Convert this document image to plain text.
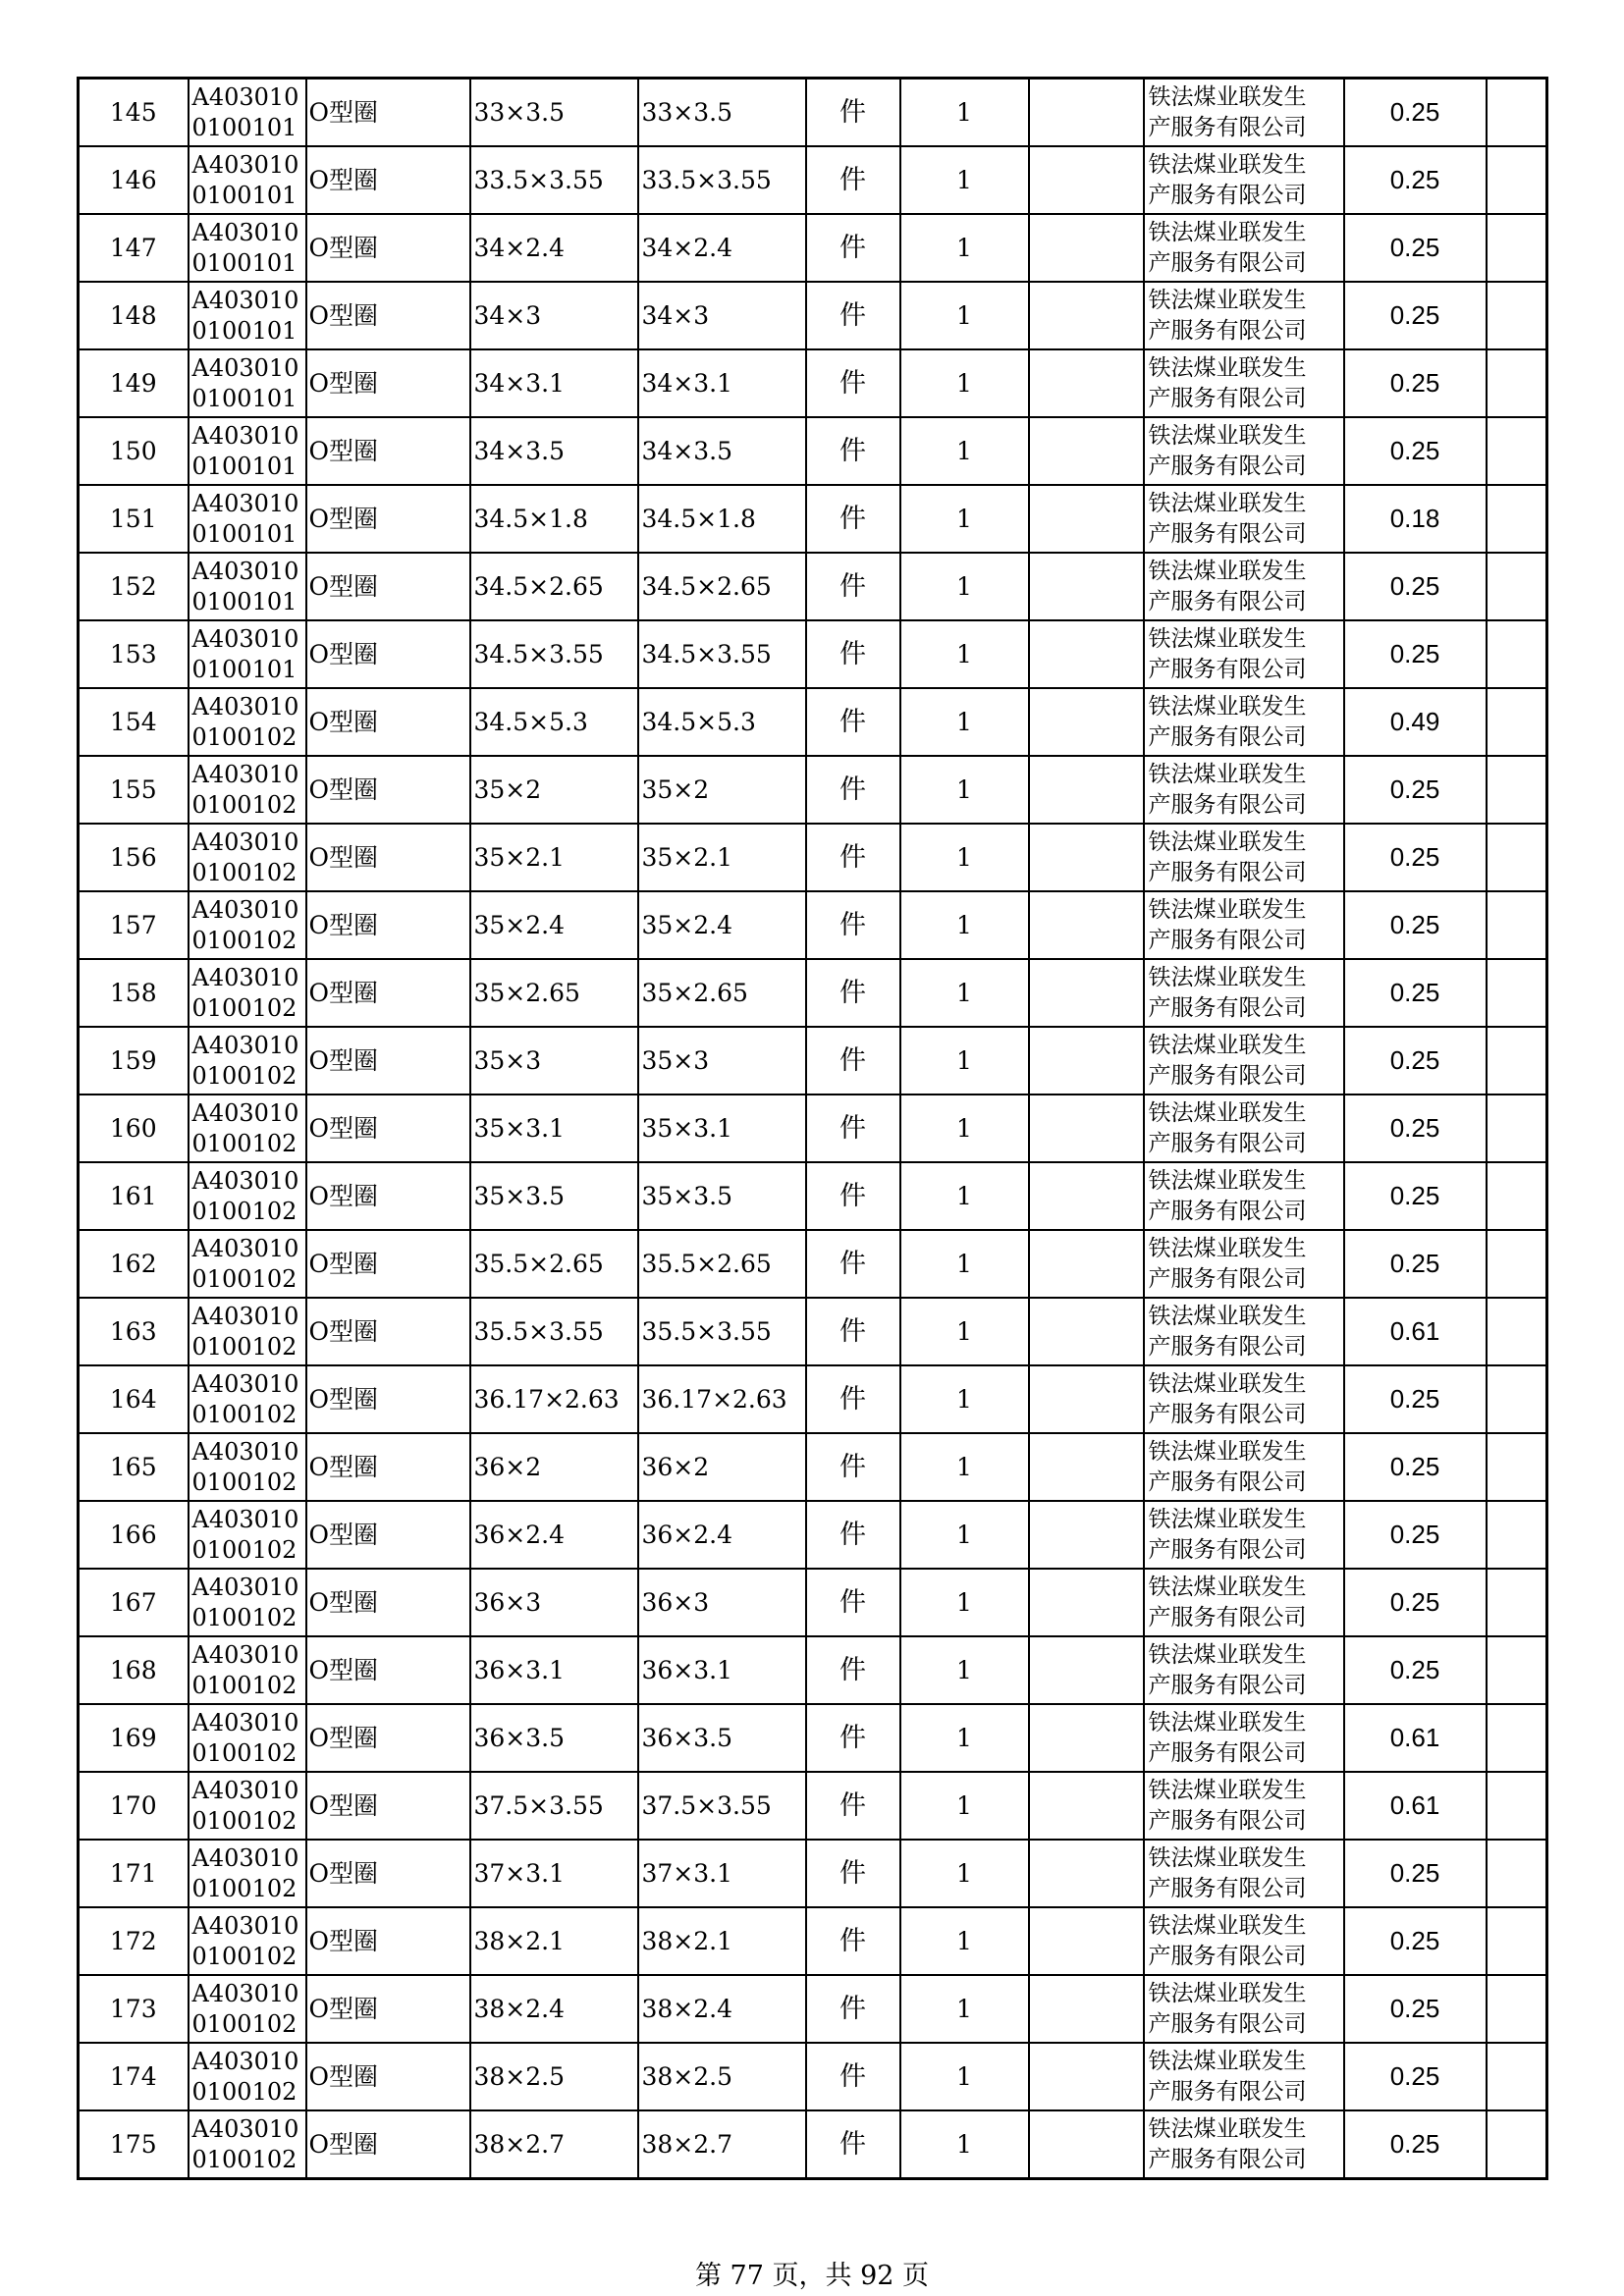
145	A403010
0100101	O型圈	33×3.5	33×3.5	件	1		铁法煤业联发生
产服务有限公司	0.25	
146	A403010
0100101	O型圈	33.5×3.55	33.5×3.55	件	1		铁法煤业联发生
产服务有限公司	0.25	
147	A403010
0100101	O型圈	34×2.4	34×2.4	件	1		铁法煤业联发生
产服务有限公司	0.25	
148	A403010
0100101	O型圈	34×3	34×3	件	1		铁法煤业联发生
产服务有限公司	0.25	
149	A403010
0100101	O型圈	34×3.1	34×3.1	件	1		铁法煤业联发生
产服务有限公司	0.25	
150	A403010
0100101	O型圈	34×3.5	34×3.5	件	1		铁法煤业联发生
产服务有限公司	0.25	
151	A403010
0100101	O型圈	34.5×1.8	34.5×1.8	件	1		铁法煤业联发生
产服务有限公司	0.18	
152	A403010
0100101	O型圈	34.5×2.65	34.5×2.65	件	1		铁法煤业联发生
产服务有限公司	0.25	
153	A403010
0100101	O型圈	34.5×3.55	34.5×3.55	件	1		铁法煤业联发生
产服务有限公司	0.25	
154	A403010
0100102	O型圈	34.5×5.3	34.5×5.3	件	1		铁法煤业联发生
产服务有限公司	0.49	
155	A403010
0100102	O型圈	35×2	35×2	件	1		铁法煤业联发生
产服务有限公司	0.25	
156	A403010
0100102	O型圈	35×2.1	35×2.1	件	1		铁法煤业联发生
产服务有限公司	0.25	
157	A403010
0100102	O型圈	35×2.4	35×2.4	件	1		铁法煤业联发生
产服务有限公司	0.25	
158	A403010
0100102	O型圈	35×2.65	35×2.65	件	1		铁法煤业联发生
产服务有限公司	0.25	
159	A403010
0100102	O型圈	35×3	35×3	件	1		铁法煤业联发生
产服务有限公司	0.25	
160	A403010
0100102	O型圈	35×3.1	35×3.1	件	1		铁法煤业联发生
产服务有限公司	0.25	
161	A403010
0100102	O型圈	35×3.5	35×3.5	件	1		铁法煤业联发生
产服务有限公司	0.25	
162	A403010
0100102	O型圈	35.5×2.65	35.5×2.65	件	1		铁法煤业联发生
产服务有限公司	0.25	
163	A403010
0100102	O型圈	35.5×3.55	35.5×3.55	件	1		铁法煤业联发生
产服务有限公司	0.61	
164	A403010
0100102	O型圈	36.17×2.63	36.17×2.63	件	1		铁法煤业联发生
产服务有限公司	0.25	
165	A403010
0100102	O型圈	36×2	36×2	件	1		铁法煤业联发生
产服务有限公司	0.25	
166	A403010
0100102	O型圈	36×2.4	36×2.4	件	1		铁法煤业联发生
产服务有限公司	0.25	
167	A403010
0100102	O型圈	36×3	36×3	件	1		铁法煤业联发生
产服务有限公司	0.25	
168	A403010
0100102	O型圈	36×3.1	36×3.1	件	1		铁法煤业联发生
产服务有限公司	0.25	
169	A403010
0100102	O型圈	36×3.5	36×3.5	件	1		铁法煤业联发生
产服务有限公司	0.61	
170	A403010
0100102	O型圈	37.5×3.55	37.5×3.55	件	1		铁法煤业联发生
产服务有限公司	0.61	
171	A403010
0100102	O型圈	37×3.1	37×3.1	件	1		铁法煤业联发生
产服务有限公司	0.25	
172	A403010
0100102	O型圈	38×2.1	38×2.1	件	1		铁法煤业联发生
产服务有限公司	0.25	
173	A403010
0100102	O型圈	38×2.4	38×2.4	件	1		铁法煤业联发生
产服务有限公司	0.25	
174	A403010
0100102	O型圈	38×2.5	38×2.5	件	1		铁法煤业联发生
产服务有限公司	0.25	
175	A403010
0100102	O型圈	38×2.7	38×2.7	件	1		铁法煤业联发生
产服务有限公司	0.25	
第 77 页，共 92 页
